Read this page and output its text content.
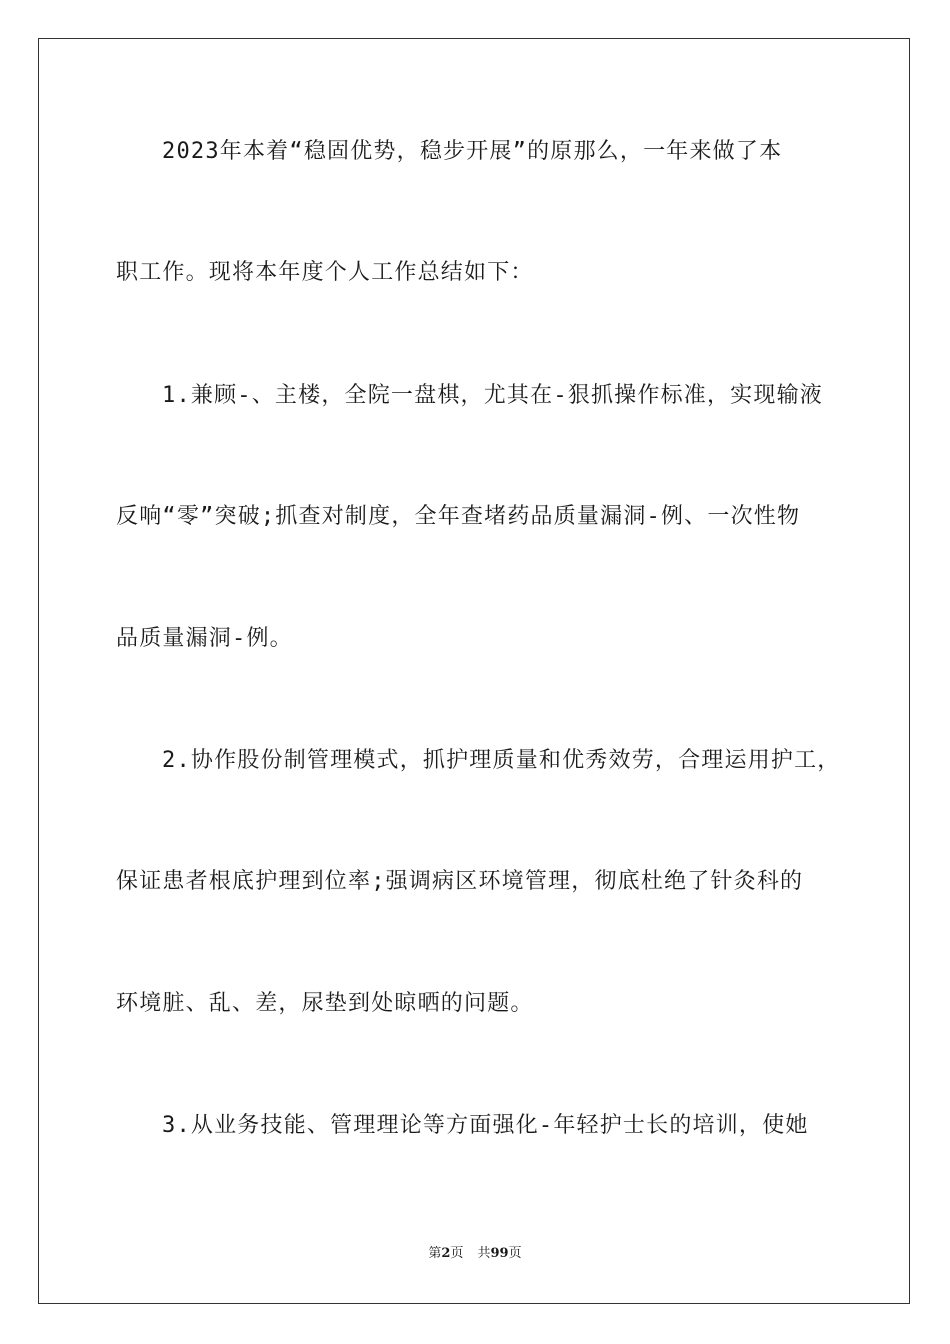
2023年本着“稳固优势，稳步开展”的原那么，一年来做了本
职工作。现将本年度个人工作总结如下：
1.兼顾-、主楼，全院一盘棋，尤其在-狠抓操作标准，实现输液
反响“零”突破;抓查对制度，全年查堵药品质量漏洞-例、一次性物
品质量漏洞-例。
2.协作股份制管理模式，抓护理质量和优秀效劳，合理运用护工，
保证患者根底护理到位率;强调病区环境管理，彻底杜绝了针灸科的
环境脏、乱、差，尿垫到处晾晒的问题。
3.从业务技能、管理理论等方面强化-年轻护士长的培训，使她
第2页 共99页
